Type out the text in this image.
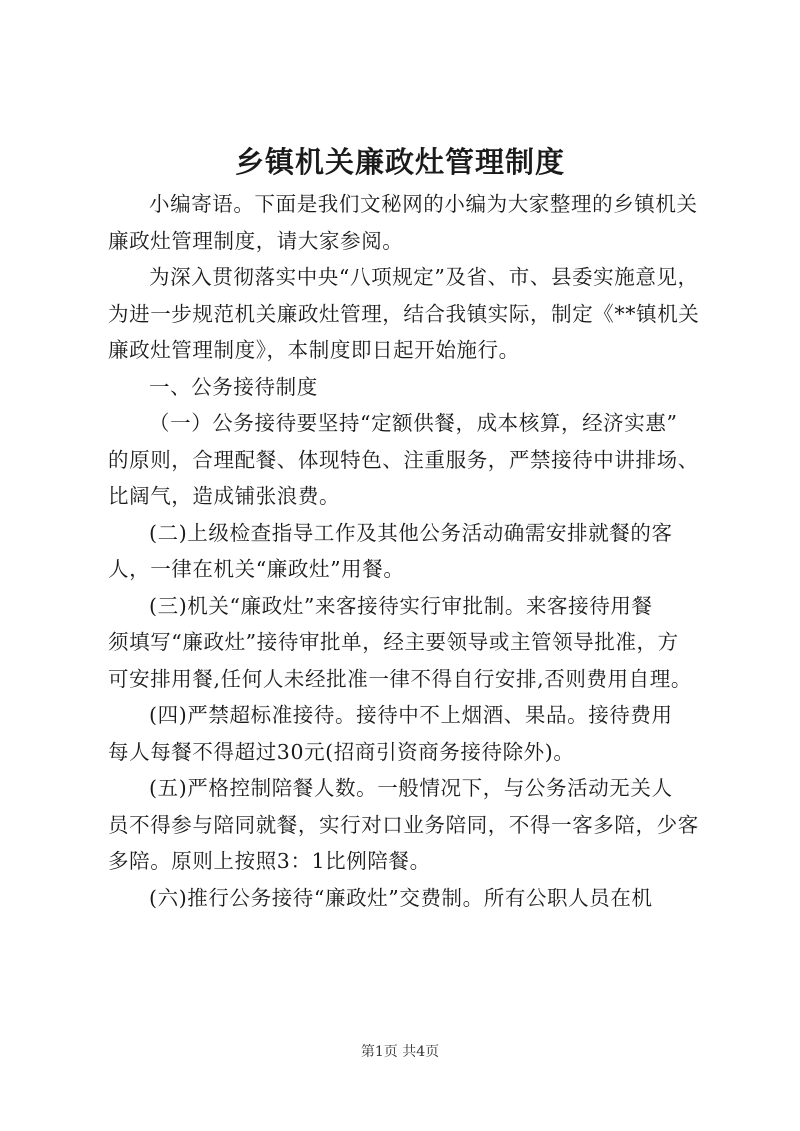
乡镇机关廉政灶管理制度
小编寄语。下面是我们文秘网的小编为大家整理的乡镇机关
廉政灶管理制度，请大家参阅。
为深入贯彻落实中央“八项规定”及省、市、县委实施意见，
为进一步规范机关廉政灶管理，结合我镇实际，制定《**镇机关
廉政灶管理制度》，本制度即日起开始施行。
一、公务接待制度
（一）公务接待要坚持“定额供餐，成本核算，经济实惠”
的原则，合理配餐、体现特色、注重服务，严禁接待中讲排场、
比阔气，造成铺张浪费。
(二)上级检查指导工作及其他公务活动确需安排就餐的客
人，一律在机关“廉政灶”用餐。
(三)机关“廉政灶”来客接待实行审批制。来客接待用餐
须填写“廉政灶”接待审批单，经主要领导或主管领导批准，方
可安排用餐,任何人未经批准一律不得自行安排,否则费用自理。
(四)严禁超标准接待。接待中不上烟酒、果品。接待费用
每人每餐不得超过30元(招商引资商务接待除外)。
(五)严格控制陪餐人数。一般情况下，与公务活动无关人
员不得参与陪同就餐，实行对口业务陪同，不得一客多陪，少客
多陪。原则上按照3：1比例陪餐。
(六)推行公务接待“廉政灶”交费制。所有公职人员在机
第1页 共4页
